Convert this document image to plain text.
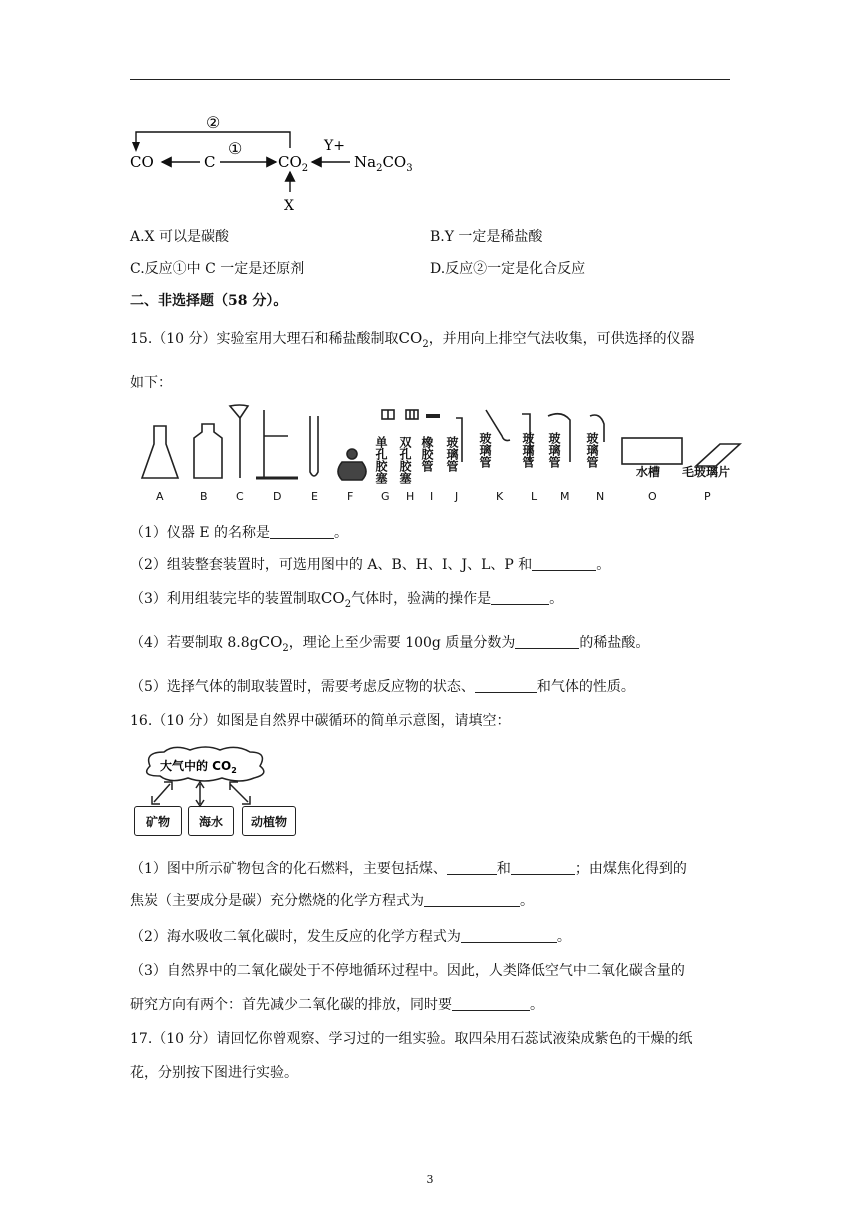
②
CO	C
①
$CO_2$
Y+
$Na_2CO_3$
X
A.X 可以是碳酸	B.Y 一定是稀盐酸
C.反应①中 C 一定是还原剂	D.反应②一定是化合反应
二、非选择题（58 分）。
15.（10 分）实验室用大理石和稀盐酸制取$CO_2$，并用向上排空气法收集，可供选择的仪器
如下：
单孔胶塞 双孔胶塞 橡胶管 玻璃管 玻璃管 玻璃管 玻璃管 玻璃管
水槽 毛玻璃片
A	B	C	D	E	F	G H I J	K	L M N	O	P
（1）仪器 E 的名称是	。
（2）组装整套装置时，可选用图中的 A、B、H、I、J、L、P 和	。
（3）利用组装完毕的装置制取$CO_2$气体时，验满的操作是	。
（4）若要制取 8.8gCO$_2$，理论上至少需要 100g 质量分数为	的稀盐酸。
（5）选择气体的制取装置时，需要考虑反应物的状态、	和气体的性质。
16.（10 分）如图是自然界中碳循环的简单示意图，请填空：
大气中的 $CO_2$
矿物	海水	动植物
（1）图中所示矿物包含的化石燃料，主要包括煤、	和	；由煤焦化得到的
焦炭（主要成分是碳）充分燃烧的化学方程式为	。
（2）海水吸收二氧化碳时，发生反应的化学方程式为	。
（3）自然界中的二氧化碳处于不停地循环过程中。因此，人类降低空气中二氧化碳含量的
研究方向有两个：首先减少二氧化碳的排放，同时要	。
17.（10 分）请回忆你曾观察、学习过的一组实验。取四朵用石蕊试液染成紫色的干燥的纸
花，分别按下图进行实验。
3
